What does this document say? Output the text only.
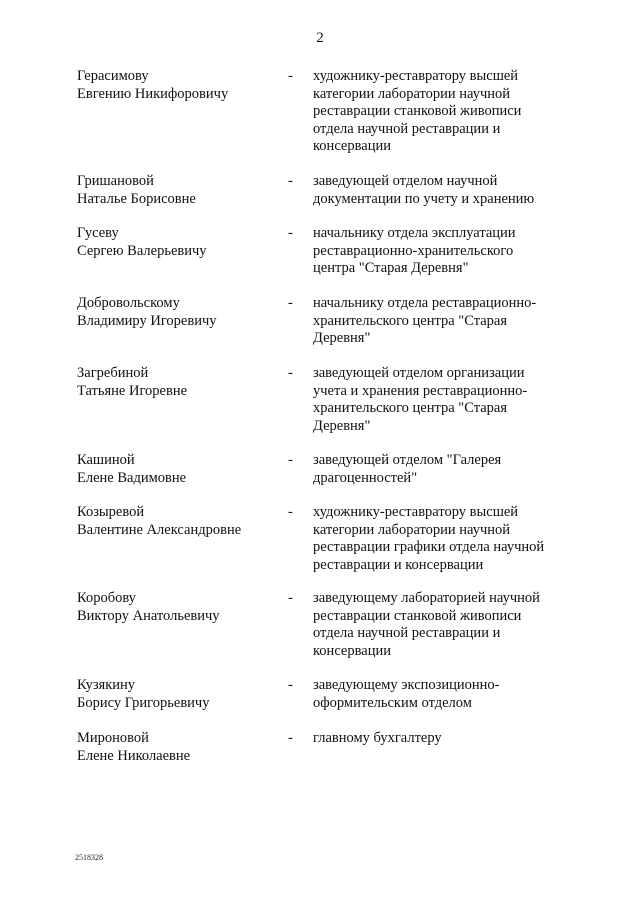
2
Герасимову
Евгению Никифоровичу
- художнику-реставратору высшей
категории лаборатории научной
реставрации станковой живописи
отдела научной реставрации и
консервации
Гришановой
Наталье Борисовне
- заведующей отделом научной
документации по учету и хранению
Гусеву
Сергею Валерьевичу
- начальнику отдела эксплуатации
реставрационно-хранительского
центра "Старая Деревня"
Добровольскому
Владимиру Игоревичу
- начальнику отдела реставрационно-
хранительского центра "Старая
Деревня"
Загребиной
Татьяне Игоревне
- заведующей отделом организации
учета и хранения реставрационно-
хранительского центра "Старая
Деревня"
Кашиной
Елене Вадимовне
- заведующей отделом "Галерея
драгоценностей"
Козыревой
Валентине Александровне
- художнику-реставратору высшей
категории лаборатории научной
реставрации графики отдела научной
реставрации и консервации
Коробову
Виктору Анатольевичу
- заведующему лабораторией научной
реставрации станковой живописи
отдела научной реставрации и
консервации
Кузякину
Борису Григорьевичу
- заведующему экспозиционно-
оформительским отделом
Мироновой
Елене Николаевне
- главному бухгалтеру
2518328
